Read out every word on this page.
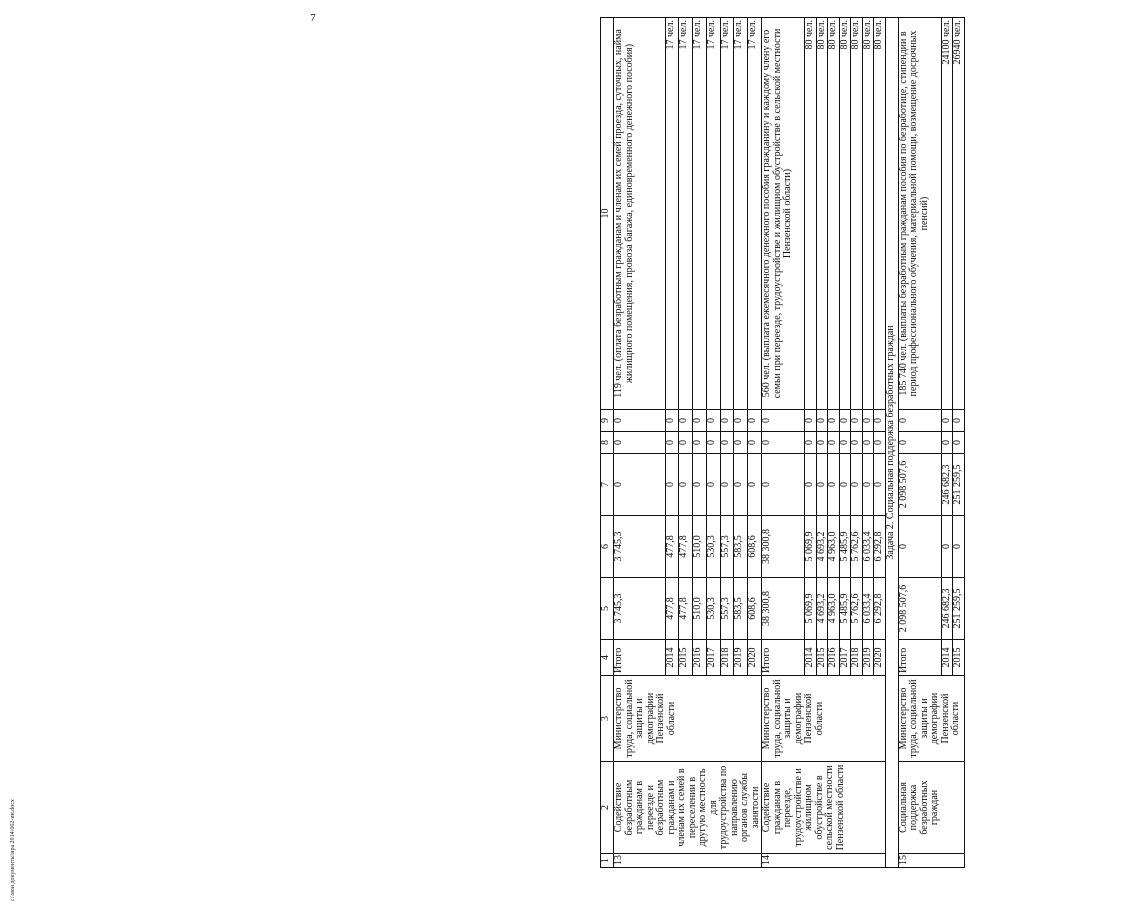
7
1	2	3	4	5	6	7	8	9	10
13	Содействие безработным гражданам в переезде и безработным гражданам и членам их семей в переселении в другую местность для трудоустройства по направлению органов службы занятости	Министерство труда, социальной защиты и демографии Пензенской области	Итого	3 745,3	3 745,3	0	0	0	119 чел. (оплата безработным гражданам и членам их семей проезда, суточных, найма жилищного помещения, провоза багажа, единовременного денежного пособия)
			2014	477,8	477,8	0	0	0	17 чел.
			2015	477,8	477,8	0	0	0	17 чел.
			2016	510,0	510,0	0	0	0	17 чел.
			2017	530,3	530,3	0	0	0	17 чел.
			2018	557,3	557,3	0	0	0	17 чел.
			2019	583,5	583,5	0	0	0	17 чел.
			2020	608,6	608,6	0	0	0	17 чел.
14	Содействие гражданам в переезде, трудоустройстве и жилищном обустройстве в сельской местности Пензенской области	Министерство труда, социальной защиты и демографии Пензенской области	Итого	38 300,8	38 300,8	0	0	0	560 чел. (выплата ежемесячного денежного пособия гражданину и каждому члену его семьи при переезде, трудоустройстве и жилищном обустройстве в сельской местности Пензенской области)
			2014	5 069,9	5 069,9	0	0	0	80 чел.
			2015	4 693,2	4 693,2	0	0	0	80 чел.
			2016	4 963,0	4 963,0	0	0	0	80 чел.
			2017	5 485,9	5 485,9	0	0	0	80 чел.
			2018	5 762,6	5 762,6	0	0	0	80 чел.
			2019	6 033,4	6 033,4	0	0	0	80 чел.
			2020	6 292,8	6 292,8	0	0	0	80 чел.
Задача 2. Социальная поддержка безработных граждан									
15	Социальная поддержка безработных граждан	Министерство труда, социальной защиты и демографии Пензенской области	Итого	2 098 507,6	0	2 098 507,6	0	0	185 740 чел. (выплаты безработным гражданам пособия по безработице, стипендии в период профессионального обучения, материальной помощи, возмещение досрочных пенсий)
			2014	246 682,3	0	246 682,3	0	0	24100 чел.
			2015	251 259,5	0	251 259,5	0	0	26940 чел.
c:\мои документы\ира 2014\662-ин.docx
